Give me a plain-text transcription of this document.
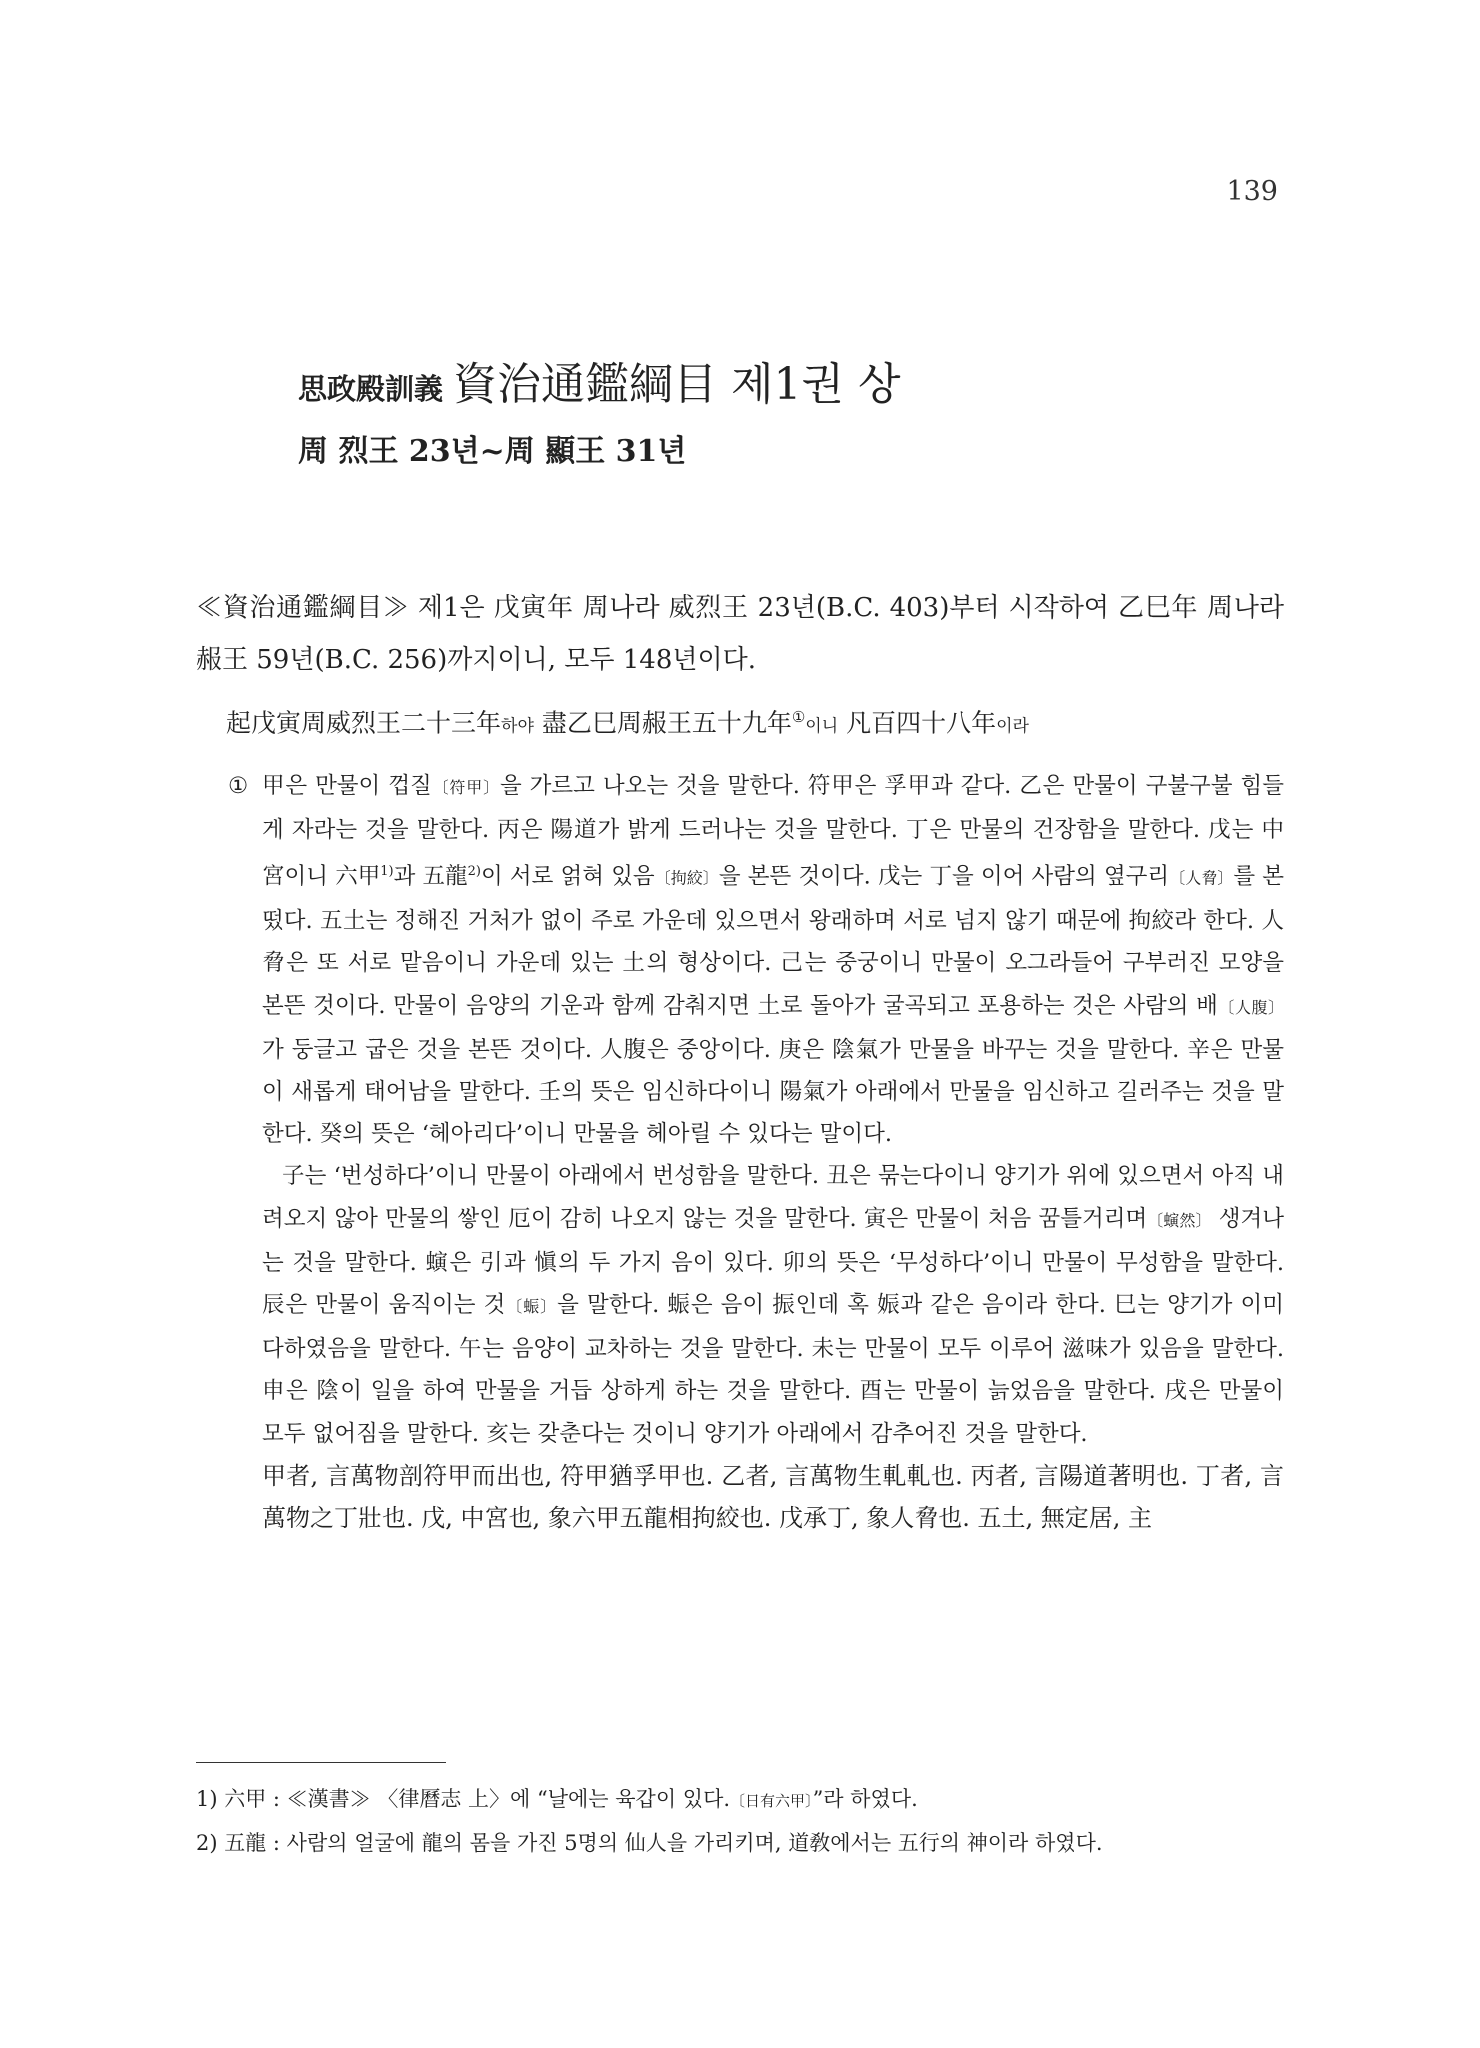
139
思政殿訓義 資治通鑑綱目 제1권 상
周 烈王 23년~周 顯王 31년

≪資治通鑑綱目≫ 제1은 戊寅年 周나라 威烈王 23년(B.C. 403)부터 시작하여 乙巳年 周나라 赧王 59년(B.C. 256)까지이니, 모두 148년이다.

起戊寅周威烈王二十三年하야 盡乙巳周赧王五十九年①이니 凡百四十八年이라

① 甲은 만물이 껍질〔符甲〕을 가르고 나오는 것을 말한다. 符甲은 孚甲과 같다. 乙은 만물이 구불구불 힘들게 자라는 것을 말한다. 丙은 陽道가 밝게 드러나는 것을 말한다. 丁은 만물의 건장함을 말한다. 戊는 中宮이니 六甲$^{1)}$과 五龍$^{2)}$이 서로 얽혀 있음〔拘絞〕을 본뜬 것이다. 戊는 丁을 이어 사람의 옆구리〔人脅〕를 본떴다. 五土는 정해진 거처가 없이 주로 가운데 있으면서 왕래하며 서로 넘지 않기 때문에 拘絞라 한다. 人脅은 또 서로 맡음이니 가운데 있는 土의 형상이다. 己는 중궁이니 만물이 오그라들어 구부러진 모양을 본뜬 것이다. 만물이 음양의 기운과 함께 감춰지면 土로 돌아가 굴곡되고 포용하는 것은 사람의 배〔人腹〕가 둥글고 굽은 것을 본뜬 것이다. 人腹은 중앙이다. 庚은 陰氣가 만물을 바꾸는 것을 말한다. 辛은 만물이 새롭게 태어남을 말한다. 壬의 뜻은 임신하다이니 陽氣가 아래에서 만물을 임신하고 길러주는 것을 말한다. 癸의 뜻은 ‘헤아리다’이니 만물을 헤아릴 수 있다는 말이다.

子는 ‘번성하다’이니 만물이 아래에서 번성함을 말한다. 丑은 묶는다이니 양기가 위에 있으면서 아직 내려오지 않아 만물의 쌓인 厄이 감히 나오지 않는 것을 말한다. 寅은 만물이 처음 꿈틀거리며〔螾然〕 생겨나는 것을 말한다. 螾은 引과 愼의 두 가지 음이 있다. 卯의 뜻은 ‘무성하다’이니 만물이 무성함을 말한다. 辰은 만물이 움직이는 것〔蜄〕을 말한다. 蜄은 음이 振인데 혹 娠과 같은 음이라 한다. 巳는 양기가 이미 다하였음을 말한다. 午는 음양이 교차하는 것을 말한다. 未는 만물이 모두 이루어 滋味가 있음을 말한다. 申은 陰이 일을 하여 만물을 거듭 상하게 하는 것을 말한다. 酉는 만물이 늙었음을 말한다. 戌은 만물이 모두 없어짐을 말한다. 亥는 갖춘다는 것이니 양기가 아래에서 감추어진 것을 말한다.

甲者, 言萬物剖符甲而出也, 符甲猶孚甲也. 乙者, 言萬物生軋軋也. 丙者, 言陽道著明也. 丁者, 言萬物之丁壯也. 戊, 中宮也, 象六甲五龍相拘絞也. 戊承丁, 象人脅也. 五土, 無定居, 主

1) 六甲 : ≪漢書≫ 〈律曆志 上〉에 “날에는 육갑이 있다.〔日有六甲〕”라 하였다.

2) 五龍 : 사람의 얼굴에 龍의 몸을 가진 5명의 仙人을 가리키며, 道敎에서는 五行의 神이라 하였다.
